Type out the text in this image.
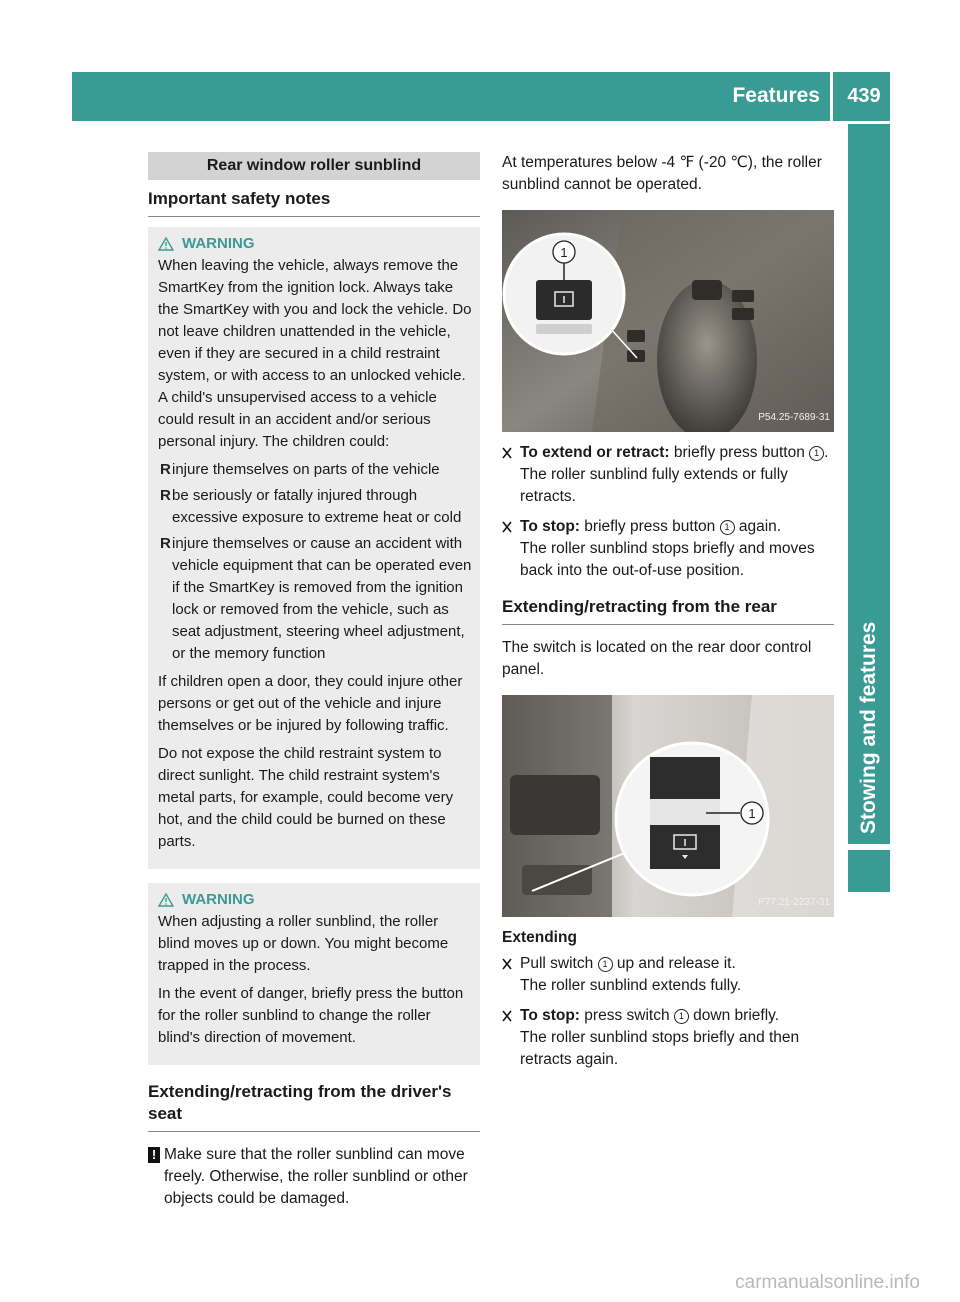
Features	439
Stowing and features
Rear window roller sunblind
Important safety notes
WARNING

When leaving the vehicle, always remove the SmartKey from the ignition lock. Always take the SmartKey with you and lock the vehicle. Do not leave children unattended in the vehicle, even if they are secured in a child restraint system, or with access to an unlocked vehicle. A child's unsupervised access to a vehicle could result in an accident and/or serious personal injury. The children could:

R injure themselves on parts of the vehicle
R be seriously or fatally injured through excessive exposure to extreme heat or cold
R injure themselves or cause an accident with vehicle equipment that can be operated even if the SmartKey is removed from the ignition lock or removed from the vehicle, such as seat adjustment, steering wheel adjustment, or the memory function

If children open a door, they could injure other persons or get out of the vehicle and injure themselves or be injured by following traffic.

Do not expose the child restraint system to direct sunlight. The child restraint system's metal parts, for example, could become very hot, and the child could be burned on these parts.

WARNING

When adjusting a roller sunblind, the roller blind moves up or down. You might become trapped in the process.

In the event of danger, briefly press the button for the roller sunblind to change the roller blind's direction of movement.

Extending/retracting from the driver's seat
! Make sure that the roller sunblind can move freely. Otherwise, the roller sunblind or other objects could be damaged.

At temperatures below -4 ℉ (-20 ℃), the roller sunblind cannot be operated.

1
P54.25-7689-31
To extend or retract: briefly press button 1 .
The roller sunblind fully extends or fully retracts.
To stop: briefly press button 1 again.
The roller sunblind stops briefly and moves back into the out-of-use position.
Extending/retracting from the rear

The switch is located on the rear door control panel.

1
P77.21-2237-31

Extending

Pull switch 1 up and release it.
The roller sunblind extends fully.
To stop: press switch 1 down briefly.
The roller sunblind stops briefly and then retracts again.
carmanualsonline.info
